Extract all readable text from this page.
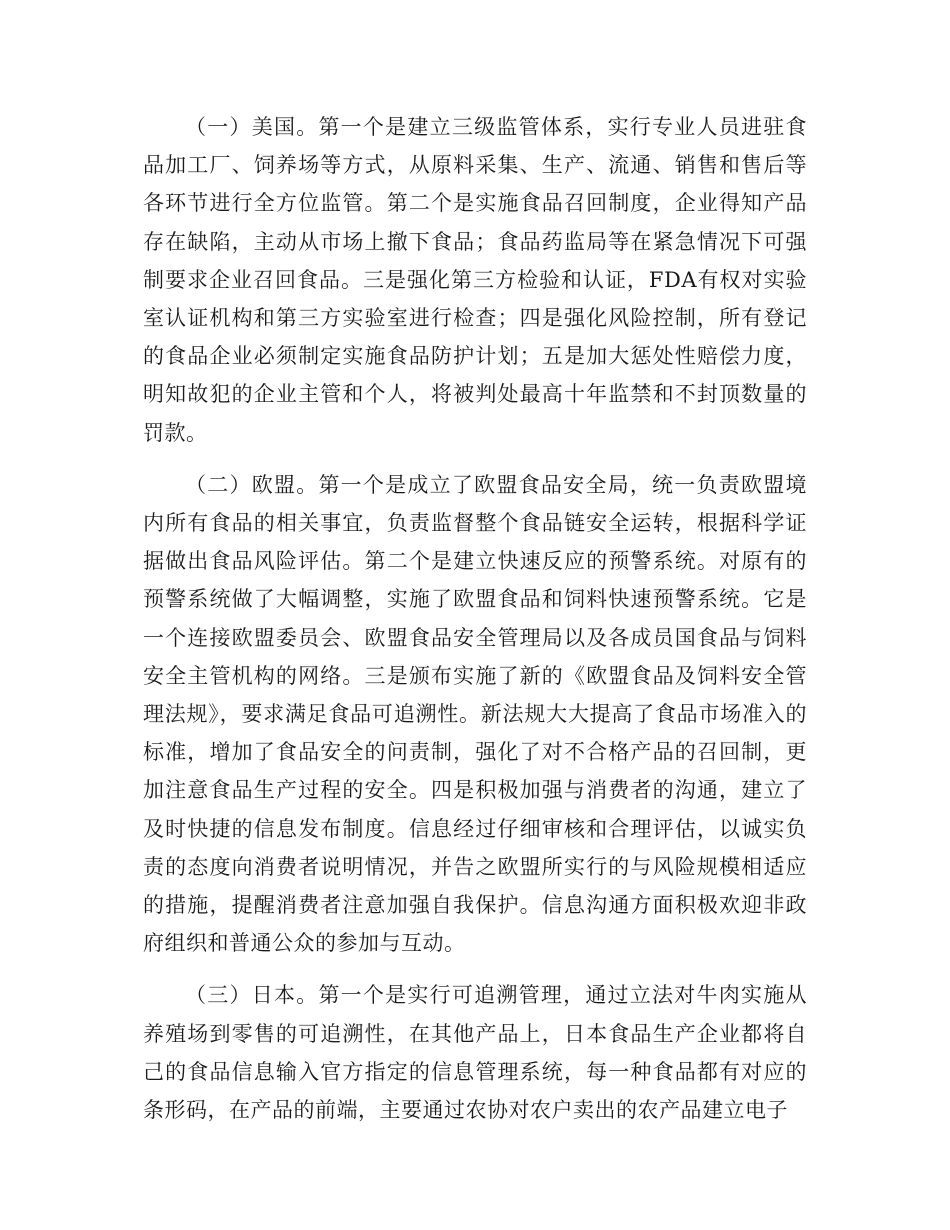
（一）美国。第一个是建立三级监管体系，实行专业人员进驻食品加工厂、饲养场等方式，从原料采集、生产、流通、销售和售后等各环节进行全方位监管。第二个是实施食品召回制度，企业得知产品存在缺陷，主动从市场上撤下食品；食品药监局等在紧急情况下可强制要求企业召回食品。三是强化第三方检验和认证，FDA有权对实验室认证机构和第三方实验室进行检查；四是强化风险控制，所有登记的食品企业必须制定实施食品防护计划；五是加大惩处性赔偿力度，明知故犯的企业主管和个人，将被判处最高十年监禁和不封顶数量的罚款。

（二）欧盟。第一个是成立了欧盟食品安全局，统一负责欧盟境内所有食品的相关事宜，负责监督整个食品链安全运转，根据科学证据做出食品风险评估。第二个是建立快速反应的预警系统。对原有的预警系统做了大幅调整，实施了欧盟食品和饲料快速预警系统。它是一个连接欧盟委员会、欧盟食品安全管理局以及各成员国食品与饲料安全主管机构的网络。三是颁布实施了新的《欧盟食品及饲料安全管理法规》，要求满足食品可追溯性。新法规大大提高了食品市场准入的标准，增加了食品安全的问责制，强化了对不合格产品的召回制，更加注意食品生产过程的安全。四是积极加强与消费者的沟通，建立了及时快捷的信息发布制度。信息经过仔细审核和合理评估，以诚实负责的态度向消费者说明情况，并告之欧盟所实行的与风险规模相适应的措施，提醒消费者注意加强自我保护。信息沟通方面积极欢迎非政府组织和普通公众的参加与互动。

（三）日本。第一个是实行可追溯管理，通过立法对牛肉实施从养殖场到零售的可追溯性，在其他产品上，日本食品生产企业都将自己的食品信息输入官方指定的信息管理系统，每一种食品都有对应的条形码，在产品的前端，主要通过农协对农户卖出的农产品建立电子
